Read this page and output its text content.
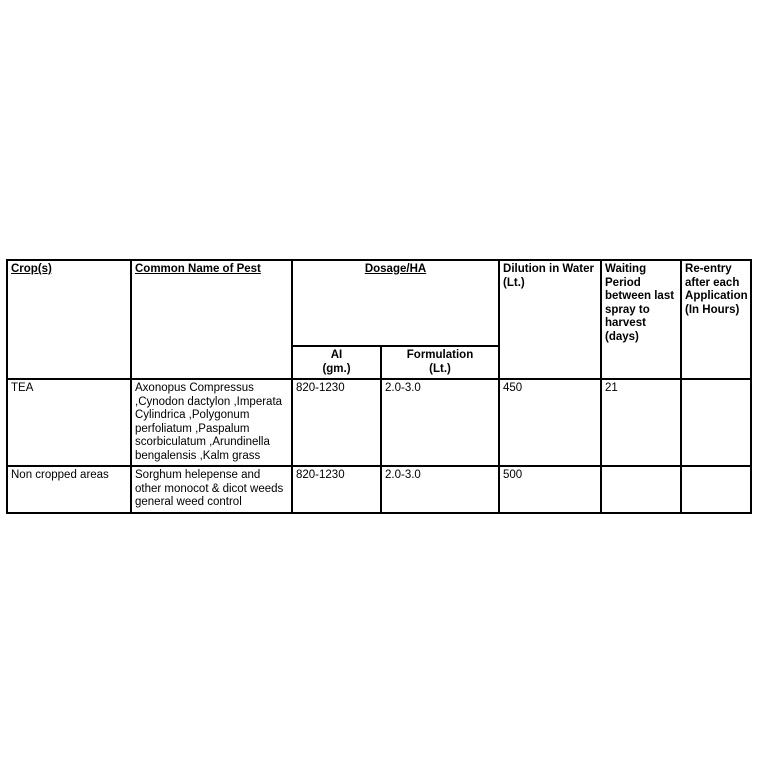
Crop(s)	Common Name of Pest	Dosage/HA		Dilution in Water (Lt.)	Waiting Period between last spray to harvest (days)	Re-entry after each Application (In Hours)

		AI (gm.)	Formulation (Lt.)			

TEA	Axonopus Compressus ,Cynodon dactylon ,Imperata Cylindrica ,Polygonum perfoliatum ,Paspalum scorbiculatum ,Arundinella bengalensis ,Kalm grass	820-1230	2.0-3.0	450	21	

Non cropped areas	Sorghum helepense and other monocot & dicot weeds general weed control	820-1230	2.0-3.0	500		
